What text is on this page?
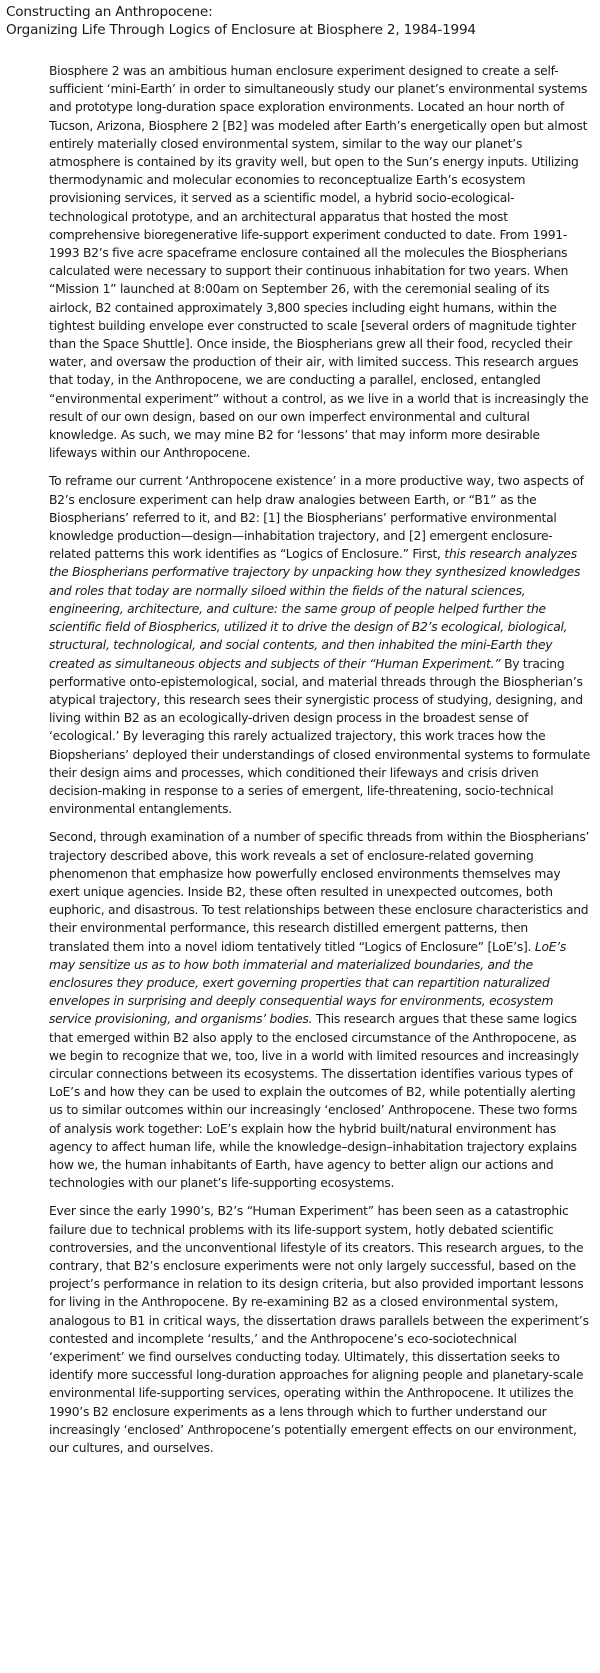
Constructing an Anthropocene:
Organizing Life Through Logics of Enclosure at Biosphere 2, 1984-1994

Biosphere 2 was an ambitious human enclosure experiment designed to create a self-sufficient ‘mini-Earth’ in order to simultaneously study our planet’s environmental systems and prototype long-duration space exploration environments. Located an hour north of Tucson, Arizona, Biosphere 2 [B2] was modeled after Earth’s energetically open but almost entirely materially closed environmental system, similar to the way our planet’s atmosphere is contained by its gravity well, but open to the Sun’s energy inputs. Utilizing thermodynamic and molecular economies to reconceptualize Earth’s ecosystem provisioning services, it served as a scientific model, a hybrid socio-ecological-technological prototype, and an architectural apparatus that hosted the most comprehensive bioregenerative life-support experiment conducted to date. From 1991-1993 B2’s five acre spaceframe enclosure contained all the molecules the Biospherians calculated were necessary to support their continuous inhabitation for two years. When “Mission 1” launched at 8:00am on September 26, with the ceremonial sealing of its airlock, B2 contained approximately 3,800 species including eight humans, within the tightest building envelope ever constructed to scale [several orders of magnitude tighter than the Space Shuttle]. Once inside, the Biospherians grew all their food, recycled their water, and oversaw the production of their air, with limited success. This research argues that today, in the Anthropocene, we are conducting a parallel, enclosed, entangled “environmental experiment” without a control, as we live in a world that is increasingly the result of our own design, based on our own imperfect environmental and cultural knowledge. As such, we may mine B2 for ‘lessons’ that may inform more desirable lifeways within our Anthropocene.

To reframe our current ‘Anthropocene existence’ in a more productive way, two aspects of B2’s enclosure experiment can help draw analogies between Earth, or “B1” as the Biospherians’ referred to it, and B2: [1] the Biospherians’ performative environmental knowledge production—design—inhabitation trajectory, and [2] emergent enclosure-related patterns this work identifies as “Logics of Enclosure.” First, this research analyzes the Biospherians performative trajectory by unpacking how they synthesized knowledges and roles that today are normally siloed within the fields of the natural sciences, engineering, architecture, and culture: the same group of people helped further the scientific field of Biospherics, utilized it to drive the design of B2’s ecological, biological, structural, technological, and social contents, and then inhabited the mini-Earth they created as simultaneous objects and subjects of their “Human Experiment.” By tracing performative onto-epistemological, social, and material threads through the Biospherian’s atypical trajectory, this research sees their synergistic process of studying, designing, and living within B2 as an ecologically-driven design process in the broadest sense of ‘ecological.’ By leveraging this rarely actualized trajectory, this work traces how the Biopsherians’ deployed their understandings of closed environmental systems to formulate their design aims and processes, which conditioned their lifeways and crisis driven decision-making in response to a series of emergent, life-threatening, socio-technical environmental entanglements.

Second, through examination of a number of specific threads from within the Biospherians’ trajectory described above, this work reveals a set of enclosure-related governing phenomenon that emphasize how powerfully enclosed environments themselves may exert unique agencies. Inside B2, these often resulted in unexpected outcomes, both euphoric, and disastrous. To test relationships between these enclosure characteristics and their environmental performance, this research distilled emergent patterns, then translated them into a novel idiom tentatively titled “Logics of Enclosure” [LoE’s]. LoE’s may sensitize us as to how both immaterial and materialized boundaries, and the enclosures they produce, exert governing properties that can repartition naturalized envelopes in surprising and deeply consequential ways for environments, ecosystem service provisioning, and organisms’ bodies. This research argues that these same logics that emerged within B2 also apply to the enclosed circumstance of the Anthropocene, as we begin to recognize that we, too, live in a world with limited resources and increasingly circular connections between its ecosystems. The dissertation identifies various types of LoE’s and how they can be used to explain the outcomes of B2, while potentially alerting us to similar outcomes within our increasingly ‘enclosed’ Anthropocene. These two forms of analysis work together: LoE’s explain how the hybrid built/natural environment has agency to affect human life, while the knowledge–design–inhabitation trajectory explains how we, the human inhabitants of Earth, have agency to better align our actions and technologies with our planet’s life-supporting ecosystems.

Ever since the early 1990’s, B2’s “Human Experiment” has been seen as a catastrophic failure due to technical problems with its life-support system, hotly debated scientific controversies, and the unconventional lifestyle of its creators. This research argues, to the contrary, that B2’s enclosure experiments were not only largely successful, based on the project’s performance in relation to its design criteria, but also provided important lessons for living in the Anthropocene. By re-examining B2 as a closed environmental system, analogous to B1 in critical ways, the dissertation draws parallels between the experiment’s contested and incomplete ‘results,’ and the Anthropocene’s eco-sociotechnical ‘experiment’ we find ourselves conducting today. Ultimately, this dissertation seeks to identify more successful long-duration approaches for aligning people and planetary-scale environmental life-supporting services, operating within the Anthropocene. It utilizes the 1990’s B2 enclosure experiments as a lens through which to further understand our increasingly ‘enclosed’ Anthropocene’s potentially emergent effects on our environment, our cultures, and ourselves.
